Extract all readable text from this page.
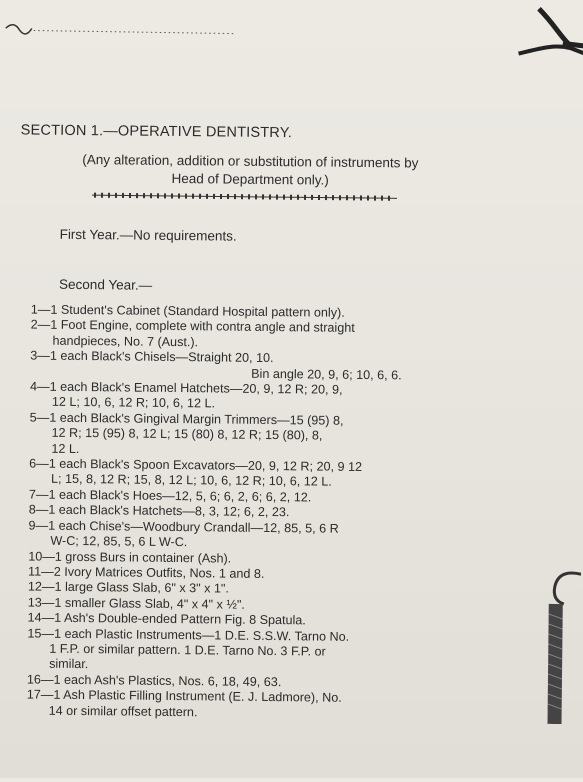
SECTION 1.—OPERATIVE DENTISTRY.
(Any alteration, addition or substitution of instruments by
Head of Department only.)
First Year.—No requirements.
Second Year.—
1—1 Student's Cabinet (Standard Hospital pattern only).
2—1 Foot Engine, complete with contra angle and straight
handpieces, No. 7 (Aust.).
3—1 each Black's Chisels—Straight 20, 10.
Bin angle 20, 9, 6; 10, 6, 6.
4—1 each Black's Enamel Hatchets—20, 9, 12 R; 20, 9,
12 L; 10, 6, 12 R; 10, 6, 12 L.
5—1 each Black's Gingival Margin Trimmers—15 (95) 8,
12 R; 15 (95) 8, 12 L; 15 (80) 8, 12 R; 15 (80), 8,
12 L.
6—1 each Black's Spoon Excavators—20, 9, 12 R; 20, 9 12
L; 15, 8, 12 R; 15, 8, 12 L; 10, 6, 12 R; 10, 6, 12 L.
7—1 each Black's Hoes—12, 5, 6; 6, 2, 6; 6, 2, 12.
8—1 each Black's Hatchets—8, 3, 12; 6, 2, 23.
9—1 each Chise's—Woodbury Crandall—12, 85, 5, 6 R
W-C; 12, 85, 5, 6 L W-C.
10—1 gross Burs in container (Ash).
11—2 Ivory Matrices Outfits, Nos. 1 and 8.
12—1 large Glass Slab, 6" x 3" x 1".
13—1 smaller Glass Slab, 4" x 4" x ½".
14—1 Ash's Double-ended Pattern Fig. 8 Spatula.
15—1 each Plastic Instruments—1 D.E. S.S.W. Tarno No.
1 F.P. or similar pattern. 1 D.E. Tarno No. 3 F.P. or
similar.
16—1 each Ash's Plastics, Nos. 6, 18, 49, 63.
17—1 Ash Plastic Filling Instrument (E. J. Ladmore), No.
14 or similar offset pattern.
